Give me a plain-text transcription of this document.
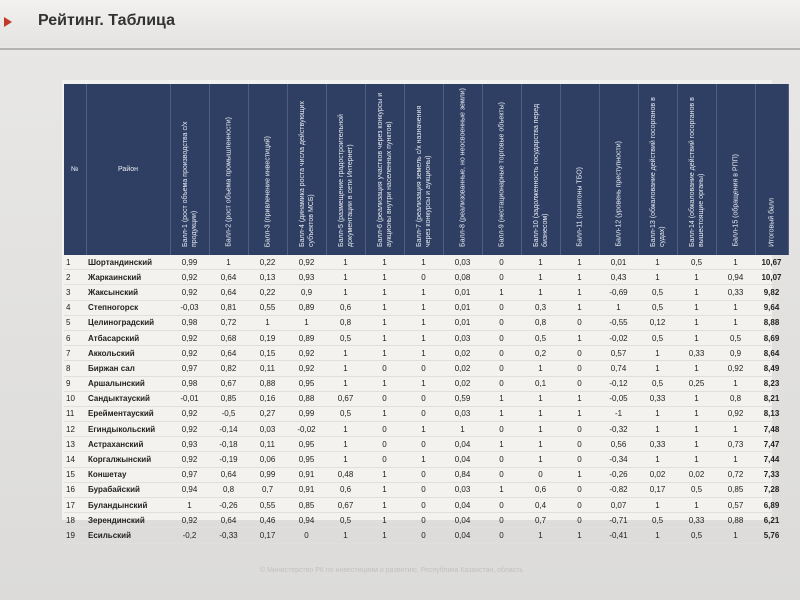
Рейтинг. Таблица
№	Район	Балл-1 (рост объема производства с/х продукции)	Балл-2 (рост объема промышленности)	Балл-3 (привлечение инвестиций)	Балл-4 (динамика роста числа действующих субъектов МСБ)	Балл-5 (размещение градостроительной документации в сети Интернет)	Балл-6 (реализация участков через конкурсы и аукционы внутри населенных пунктов)	Балл-7 (реализация земель с/х назначения через конкурсы и аукционы)	Балл-8 (реализованные, но неосвоенные земли)	Балл-9 (нестационарные торговые объекты)	Балл-10 (задолженность государства перед бизнесом)	Балл-11 (полигоны ТБО)	Балл-12 (уровень преступности)	Балл-13 (обжалование действий госорганов в судах)	Балл-14 (обжалование действий госорганов в вышестоящие органы)	Балл-15 (обращения в РПП)	Итоговый балл

1	Шортандинский	0,99	1	0,22	0,92	1	1	1	0,03	0	1	1	0,01	1	0,5	1	10,67
2	Жаркаинский	0,92	0,64	0,13	0,93	1	1	0	0,08	0	1	1	0,43	1	1	0,94	10,07
3	Жаксынский	0,92	0,64	0,22	0,9	1	1	1	0,01	1	1	1	-0,69	0,5	1	0,33	9,82
4	Степногорск	-0,03	0,81	0,55	0,89	0,6	1	1	0,01	0	0,3	1	1	0,5	1	1	9,64
5	Целиноградский	0,98	0,72	1	1	0,8	1	1	0,01	0	0,8	0	-0,55	0,12	1	1	8,88
6	Атбасарский	0,92	0,68	0,19	0,89	0,5	1	1	0,03	0	0,5	1	-0,02	0,5	1	0,5	8,69
7	Аккольский	0,92	0,64	0,15	0,92	1	1	1	0,02	0	0,2	0	0,57	1	0,33	0,9	8,64
8	Биржан сал	0,97	0,82	0,11	0,92	1	0	0	0,02	0	1	0	0,74	1	1	0,92	8,49
9	Аршалынский	0,98	0,67	0,88	0,95	1	1	1	0,02	0	0,1	0	-0,12	0,5	0,25	1	8,23
10	Сандыктауский	-0,01	0,85	0,16	0,88	0,67	0	0	0,59	1	1	1	-0,05	0,33	1	0,8	8,21
11	Ерейментауский	0,92	-0,5	0,27	0,99	0,5	1	0	0,03	1	1	1	-1	1	1	0,92	8,13
12	Егиндыкольский	0,92	-0,14	0,03	-0,02	1	0	1	1	0	1	0	-0,32	1	1	1	7,48
13	Астраханский	0,93	-0,18	0,11	0,95	1	0	0	0,04	1	1	0	0,56	0,33	1	0,73	7,47
14	Коргалжынский	0,92	-0,19	0,06	0,95	1	0	1	0,04	0	1	0	-0,34	1	1	1	7,44
15	Коншетау	0,97	0,64	0,99	0,91	0,48	1	0	0,84	0	0	1	-0,26	0,02	0,02	0,72	7,33
16	Бурабайский	0,94	0,8	0,7	0,91	0,6	1	0	0,03	1	0,6	0	-0,82	0,17	0,5	0,85	7,28
17	Буландынский	1	-0,26	0,55	0,85	0,67	1	0	0,04	0	0,4	0	0,07	1	1	0,57	6,89
18	Зерендинский	0,92	0,64	0,46	0,94	0,5	1	0	0,04	0	0,7	0	-0,71	0,5	0,33	0,88	6,21
19	Есильский	-0,2	-0,33	0,17	0	1	1	0	0,04	0	1	1	-0,41	1	0,5	1	5,76
© Министерство РК по инвестициям и развитию, Республика Казахстан, область
